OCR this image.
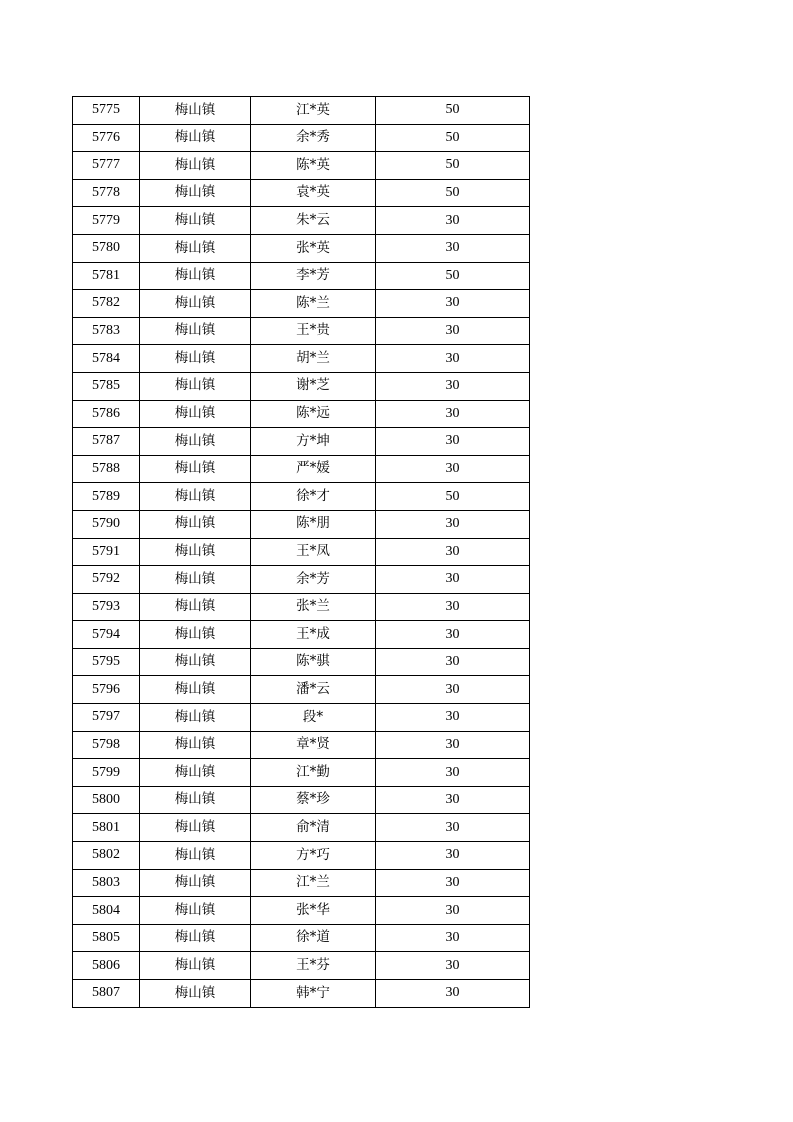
5775	梅山镇	江*英	50
5776	梅山镇	余*秀	50
5777	梅山镇	陈*英	50
5778	梅山镇	袁*英	50
5779	梅山镇	朱*云	30
5780	梅山镇	张*英	30
5781	梅山镇	李*芳	50
5782	梅山镇	陈*兰	30
5783	梅山镇	王*贵	30
5784	梅山镇	胡*兰	30
5785	梅山镇	谢*芝	30
5786	梅山镇	陈*远	30
5787	梅山镇	方*坤	30
5788	梅山镇	严*媛	30
5789	梅山镇	徐*才	50
5790	梅山镇	陈*朋	30
5791	梅山镇	王*凤	30
5792	梅山镇	余*芳	30
5793	梅山镇	张*兰	30
5794	梅山镇	王*成	30
5795	梅山镇	陈*骐	30
5796	梅山镇	潘*云	30
5797	梅山镇	段*	30
5798	梅山镇	章*贤	30
5799	梅山镇	江*勤	30
5800	梅山镇	蔡*珍	30
5801	梅山镇	俞*清	30
5802	梅山镇	方*巧	30
5803	梅山镇	江*兰	30
5804	梅山镇	张*华	30
5805	梅山镇	徐*道	30
5806	梅山镇	王*芬	30
5807	梅山镇	韩*宁	30
